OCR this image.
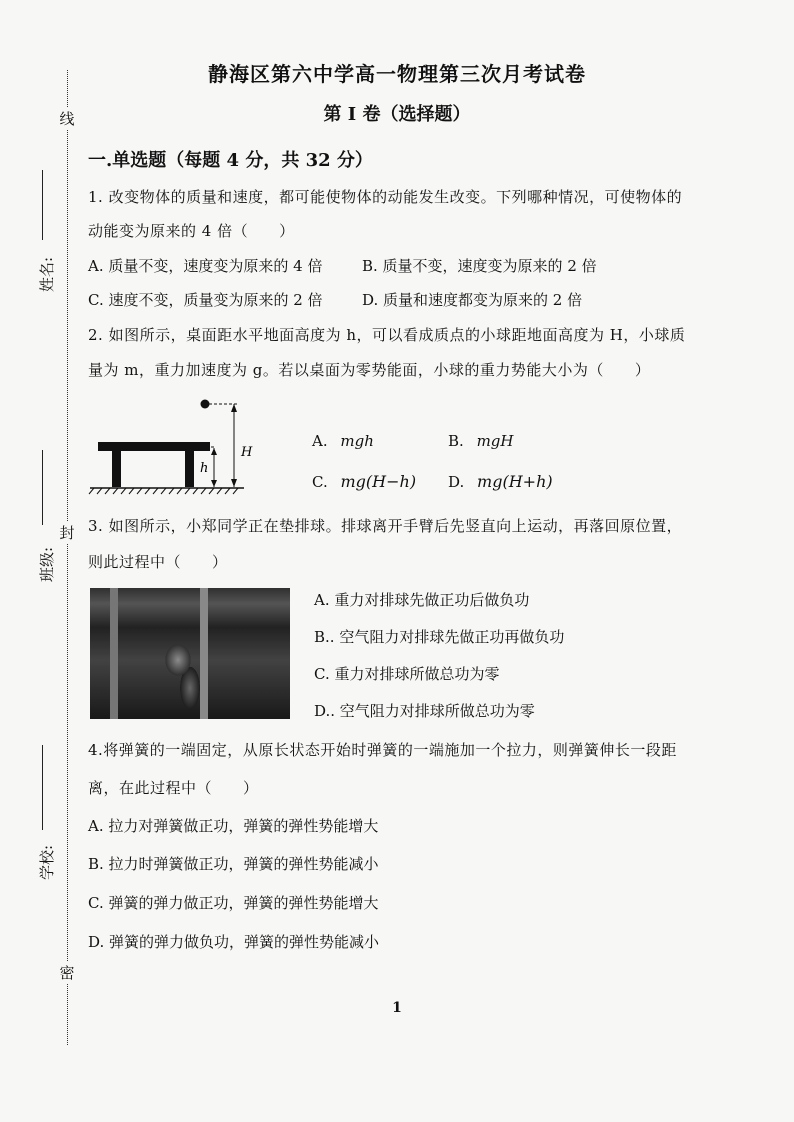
线
封
密
姓名:
班级:
学校:
静海区第六中学高一物理第三次月考试卷
第 I 卷（选择题）
一.单选题（每题 4 分，共 32 分）
1. 改变物体的质量和速度，都可能使物体的动能发生改变。下列哪种情况，可使物体的
动能变为原来的 4 倍（　　）
A. 质量不变，速度变为原来的 4 倍	B. 质量不变，速度变为原来的 2 倍
C. 速度不变，质量变为原来的 2 倍	D. 质量和速度都变为原来的 2 倍
2. 如图所示，桌面距水平地面高度为 h，可以看成质点的小球距地面高度为 H，小球质
量为 m，重力加速度为 g。若以桌面为零势能面，小球的重力势能大小为（　　）
H
h
A. mgh	B. mgH
C. mg(H−h) D. mg(H+h)
3. 如图所示，小郑同学正在垫排球。排球离开手臂后先竖直向上运动，再落回原位置，
则此过程中（　　）
A. 重力对排球先做正功后做负功
B.. 空气阻力对排球先做正功再做负功
C. 重力对排球所做总功为零
D.. 空气阻力对排球所做总功为零
4.将弹簧的一端固定，从原长状态开始时弹簧的一端施加一个拉力，则弹簧伸长一段距
离，在此过程中（　　）
A. 拉力对弹簧做正功，弹簧的弹性势能增大
B. 拉力时弹簧做正功，弹簧的弹性势能减小
C. 弹簧的弹力做正功，弹簧的弹性势能增大
D. 弹簧的弹力做负功，弹簧的弹性势能减小
1
